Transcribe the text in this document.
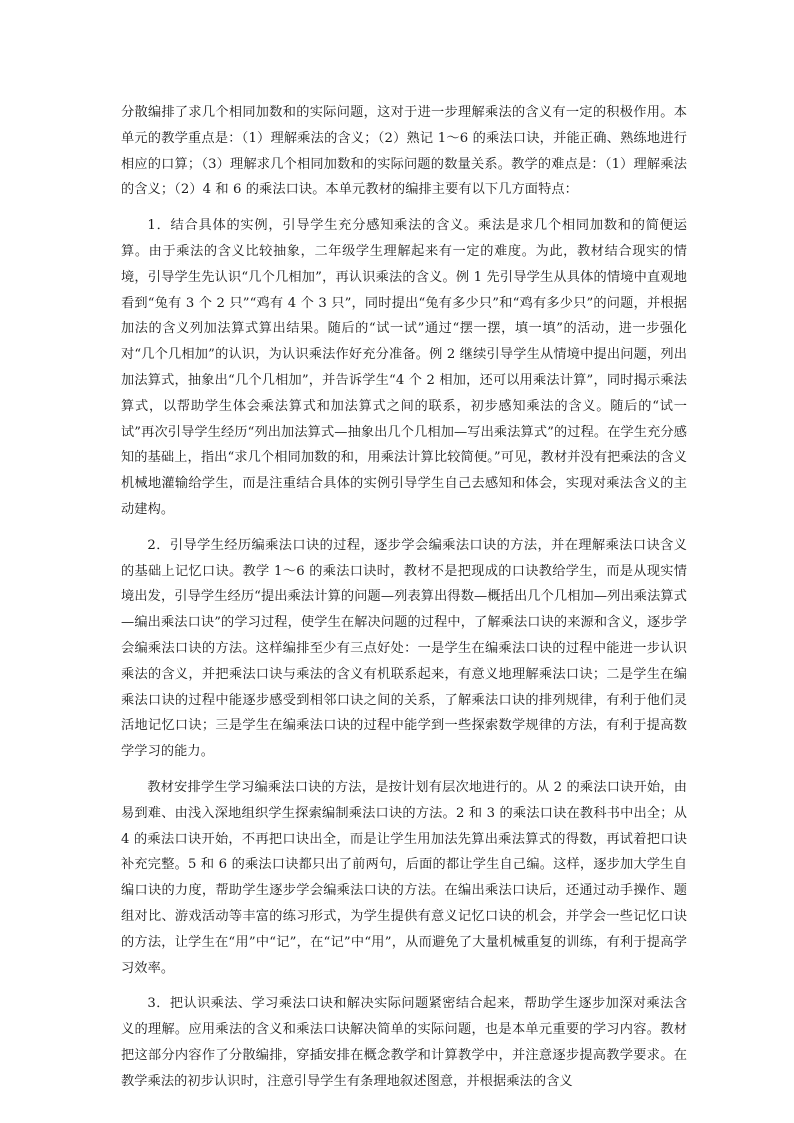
分散编排了求几个相同加数和的实际问题，这对于进一步理解乘法的含义有一定的积极作用。本单元的教学重点是：（1）理解乘法的含义；（2）熟记 1～6 的乘法口诀，并能正确、熟练地进行相应的口算；（3）理解求几个相同加数和的实际问题的数量关系。教学的难点是：（1）理解乘法的含义；（2）4 和 6 的乘法口诀。本单元教材的编排主要有以下几方面特点：

1．结合具体的实例，引导学生充分感知乘法的含义。乘法是求几个相同加数和的简便运算。由于乘法的含义比较抽象，二年级学生理解起来有一定的难度。为此，教材结合现实的情境，引导学生先认识“几个几相加”，再认识乘法的含义。例 1 先引导学生从具体的情境中直观地看到“兔有 3 个 2 只”“鸡有 4 个 3 只”，同时提出“兔有多少只”和“鸡有多少只”的问题，并根据加法的含义列加法算式算出结果。随后的“试一试”通过“摆一摆，填一填”的活动，进一步强化对“几个几相加”的认识，为认识乘法作好充分准备。例 2 继续引导学生从情境中提出问题，列出加法算式，抽象出“几个几相加”，并告诉学生“4 个 2 相加，还可以用乘法计算”，同时揭示乘法算式，以帮助学生体会乘法算式和加法算式之间的联系，初步感知乘法的含义。随后的“试一试”再次引导学生经历“列出加法算式—抽象出几个几相加—写出乘法算式”的过程。在学生充分感知的基础上，指出“求几个相同加数的和，用乘法计算比较简便。”可见，教材并没有把乘法的含义机械地灌输给学生，而是注重结合具体的实例引导学生自己去感知和体会，实现对乘法含义的主动建构。

2．引导学生经历编乘法口诀的过程，逐步学会编乘法口诀的方法，并在理解乘法口诀含义的基础上记忆口诀。教学 1～6 的乘法口诀时，教材不是把现成的口诀教给学生，而是从现实情境出发，引导学生经历“提出乘法计算的问题—列表算出得数—概括出几个几相加—列出乘法算式—编出乘法口诀”的学习过程，使学生在解决问题的过程中，了解乘法口诀的来源和含义，逐步学会编乘法口诀的方法。这样编排至少有三点好处：一是学生在编乘法口诀的过程中能进一步认识乘法的含义，并把乘法口诀与乘法的含义有机联系起来，有意义地理解乘法口诀；二是学生在编乘法口诀的过程中能逐步感受到相邻口诀之间的关系，了解乘法口诀的排列规律，有利于他们灵活地记忆口诀；三是学生在编乘法口诀的过程中能学到一些探索数学规律的方法，有利于提高数学学习的能力。

教材安排学生学习编乘法口诀的方法，是按计划有层次地进行的。从 2 的乘法口诀开始，由易到难、由浅入深地组织学生探索编制乘法口诀的方法。2 和 3 的乘法口诀在教科书中出全；从 4 的乘法口诀开始，不再把口诀出全，而是让学生用加法先算出乘法算式的得数，再试着把口诀补充完整。5 和 6 的乘法口诀都只出了前两句，后面的都让学生自己编。这样，逐步加大学生自编口诀的力度，帮助学生逐步学会编乘法口诀的方法。在编出乘法口诀后，还通过动手操作、题组对比、游戏活动等丰富的练习形式，为学生提供有意义记忆口诀的机会，并学会一些记忆口诀的方法，让学生在“用”中“记”，在“记”中“用”，从而避免了大量机械重复的训练，有利于提高学习效率。

3．把认识乘法、学习乘法口诀和解决实际问题紧密结合起来，帮助学生逐步加深对乘法含义的理解。应用乘法的含义和乘法口诀解决简单的实际问题，也是本单元重要的学习内容。教材把这部分内容作了分散编排，穿插安排在概念教学和计算教学中，并注意逐步提高教学要求。在教学乘法的初步认识时，注意引导学生有条理地叙述图意，并根据乘法的含义
